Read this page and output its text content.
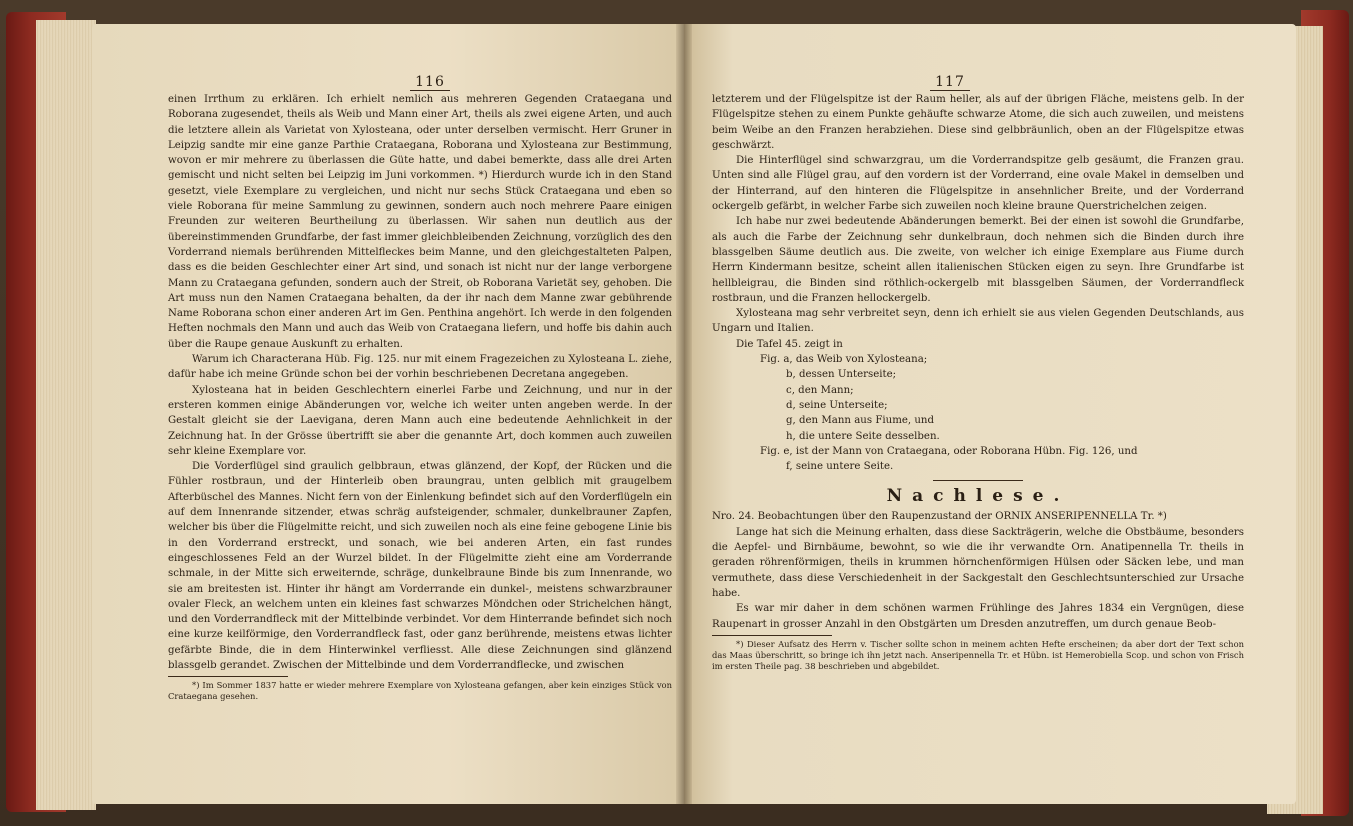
116

einen Irrthum zu erklären. Ich erhielt nemlich aus mehreren Gegenden Crataegana und Roborana zugesendet, theils als Weib und Mann einer Art, theils als zwei eigene Arten, und auch die letztere allein als Varietat von Xylosteana, oder unter derselben vermischt. Herr Gruner in Leipzig sandte mir eine ganze Parthie Crataegana, Roborana und Xylosteana zur Bestimmung, wovon er mir mehrere zu überlassen die Güte hatte, und dabei bemerkte, dass alle drei Arten gemischt und nicht selten bei Leipzig im Juni vorkommen. *) Hierdurch wurde ich in den Stand gesetzt, viele Exemplare zu vergleichen, und nicht nur sechs Stück Crataegana und eben so viele Roborana für meine Sammlung zu gewinnen, sondern auch noch mehrere Paare einigen Freunden zur weiteren Beurtheilung zu überlassen. Wir sahen nun deutlich aus der übereinstimmenden Grundfarbe, der fast immer gleichbleibenden Zeichnung, vorzüglich des den Vorderrand niemals berührenden Mittelfleckes beim Manne, und den gleichgestalteten Palpen, dass es die beiden Geschlechter einer Art sind, und sonach ist nicht nur der lange verborgene Mann zu Crataegana gefunden, sondern auch der Streit, ob Roborana Varietät sey, gehoben. Die Art muss nun den Namen Crataegana behalten, da der ihr nach dem Manne zwar gebührende Name Roborana schon einer anderen Art im Gen. Penthina angehört. Ich werde in den folgenden Heften nochmals den Mann und auch das Weib von Crataegana liefern, und hoffe bis dahin auch über die Raupe genaue Auskunft zu erhalten.

Warum ich Characterana Hüb. Fig. 125. nur mit einem Fragezeichen zu Xylosteana L. ziehe, dafür habe ich meine Gründe schon bei der vorhin beschriebenen Decretana angegeben.

Xylosteana hat in beiden Geschlechtern einerlei Farbe und Zeichnung, und nur in der ersteren kommen einige Abänderungen vor, welche ich weiter unten angeben werde. In der Gestalt gleicht sie der Laevigana, deren Mann auch eine bedeutende Aehnlichkeit in der Zeichnung hat. In der Grösse übertrifft sie aber die genannte Art, doch kommen auch zuweilen sehr kleine Exemplare vor.

Die Vorderflügel sind graulich gelbbraun, etwas glänzend, der Kopf, der Rücken und die Fühler rostbraun, und der Hinterleib oben braungrau, unten gelblich mit graugelbem Afterbüschel des Mannes. Nicht fern von der Einlenkung befindet sich auf den Vorderflügeln ein auf dem Innenrande sitzender, etwas schräg aufsteigender, schmaler, dunkelbrauner Zapfen, welcher bis über die Flügelmitte reicht, und sich zuweilen noch als eine feine gebogene Linie bis in den Vorderrand erstreckt, und sonach, wie bei anderen Arten, ein fast rundes eingeschlossenes Feld an der Wurzel bildet. In der Flügelmitte zieht eine am Vorderrande schmale, in der Mitte sich erweiternde, schräge, dunkelbraune Binde bis zum Innenrande, wo sie am breitesten ist. Hinter ihr hängt am Vorderrande ein dunkel-, meistens schwarzbrauner ovaler Fleck, an welchem unten ein kleines fast schwarzes Möndchen oder Strichelchen hängt, und den Vorderrandfleck mit der Mittelbinde verbindet. Vor dem Hinterrande befindet sich noch eine kurze keilförmige, den Vorderrandfleck fast, oder ganz berührende, meistens etwas lichter gefärbte Binde, die in dem Hinterwinkel verfliesst. Alle diese Zeichnungen sind glänzend blassgelb gerandet. Zwischen der Mittelbinde und dem Vorderrandflecke, und zwischen

*) Im Sommer 1837 hatte er wieder mehrere Exemplare von Xylosteana gefangen, aber kein einziges Stück von Crataegana gesehen.

117

letzterem und der Flügelspitze ist der Raum heller, als auf der übrigen Fläche, meistens gelb. In der Flügelspitze stehen zu einem Punkte gehäufte schwarze Atome, die sich auch zuweilen, und meistens beim Weibe an den Franzen herabziehen. Diese sind gelbbräunlich, oben an der Flügelspitze etwas geschwärzt.

Die Hinterflügel sind schwarzgrau, um die Vorderrandspitze gelb gesäumt, die Franzen grau. Unten sind alle Flügel grau, auf den vordern ist der Vorderrand, eine ovale Makel in demselben und der Hinterrand, auf den hinteren die Flügelspitze in ansehnlicher Breite, und der Vorderrand ockergelb gefärbt, in welcher Farbe sich zuweilen noch kleine braune Querstrichelchen zeigen.

Ich habe nur zwei bedeutende Abänderungen bemerkt. Bei der einen ist sowohl die Grundfarbe, als auch die Farbe der Zeichnung sehr dunkelbraun, doch nehmen sich die Binden durch ihre blassgelben Säume deutlich aus. Die zweite, von welcher ich einige Exemplare aus Fiume durch Herrn Kindermann besitze, scheint allen italienischen Stücken eigen zu seyn. Ihre Grundfarbe ist hellbleigrau, die Binden sind röthlich-ockergelb mit blassgelben Säumen, der Vorderrandfleck rostbraun, und die Franzen hellockergelb.

Xylosteana mag sehr verbreitet seyn, denn ich erhielt sie aus vielen Gegenden Deutschlands, aus Ungarn und Italien.

Die Tafel 45. zeigt in

Fig. a, das Weib von Xylosteana;
b, dessen Unterseite;
c, den Mann;
d, seine Unterseite;
g, den Mann aus Fiume, und
h, die untere Seite desselben.
Fig. e, ist der Mann von Crataegana, oder Roborana Hübn. Fig. 126, und
f, seine untere Seite.
Nachlese.

Nro. 24. Beobachtungen über den Raupenzustand der ORNIX ANSERIPENNELLA Tr. *)

Lange hat sich die Meinung erhalten, dass diese Sackträgerin, welche die Obstbäume, besonders die Aepfel- und Birnbäume, bewohnt, so wie die ihr verwandte Orn. Anatipennella Tr. theils in geraden röhrenförmigen, theils in krummen hörnchenförmigen Hülsen oder Säcken lebe, und man vermuthete, dass diese Verschiedenheit in der Sackgestalt den Geschlechtsunterschied zur Ursache habe.

Es war mir daher in dem schönen warmen Frühlinge des Jahres 1834 ein Vergnügen, diese Raupenart in grosser Anzahl in den Obstgärten um Dresden anzutreffen, um durch genaue Beob-

*) Dieser Aufsatz des Herrn v. Tischer sollte schon in meinem achten Hefte erscheinen; da aber dort der Text schon das Maas überschritt, so bringe ich ihn jetzt nach. Anseripennella Tr. et Hübn. ist Hemerobiella Scop. und schon von Frisch im ersten Theile pag. 38 beschrieben und abgebildet.
